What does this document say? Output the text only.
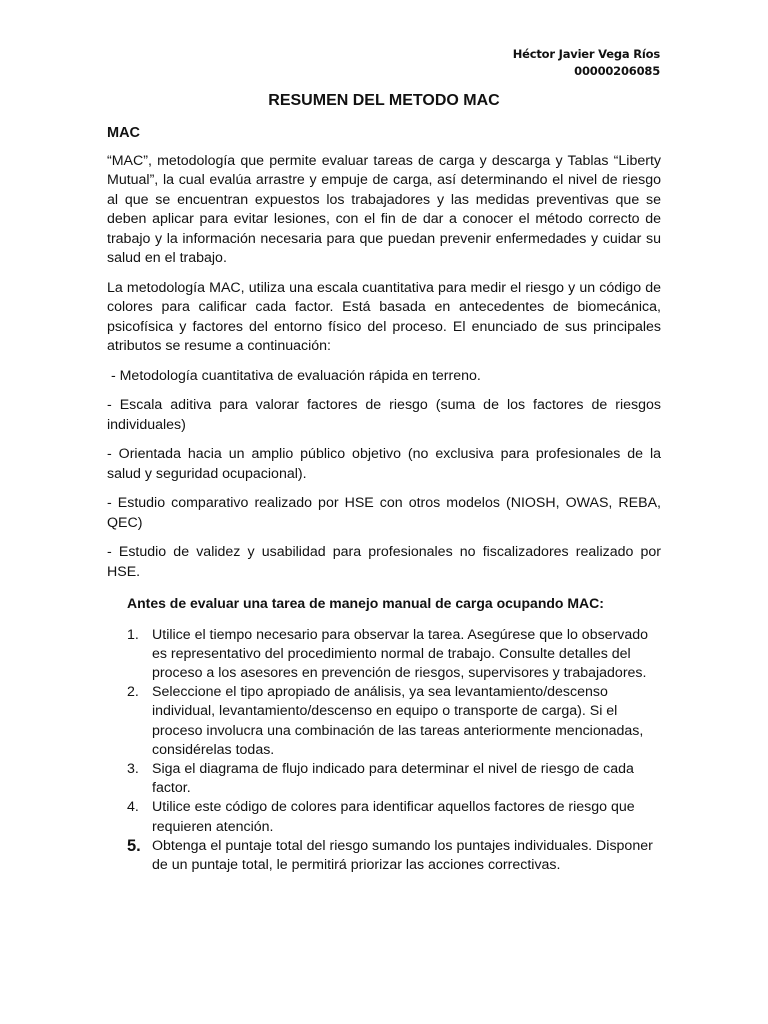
Héctor Javier Vega Ríos
00000206085
RESUMEN DEL METODO MAC
MAC

“MAC”, metodología que permite evaluar tareas de carga y descarga y Tablas “Liberty Mutual”, la cual evalúa arrastre y empuje de carga, así determinando el nivel de riesgo al que se encuentran expuestos los trabajadores y las medidas preventivas que se deben aplicar para evitar lesiones, con el fin de dar a conocer el método correcto de trabajo y la información necesaria para que puedan prevenir enfermedades y cuidar su salud en el trabajo.

La metodología MAC, utiliza una escala cuantitativa para medir el riesgo y un código de colores para calificar cada factor. Está basada en antecedentes de biomecánica, psicofísica y factores del entorno físico del proceso. El enunciado de sus principales atributos se resume a continuación:

- Metodología cuantitativa de evaluación rápida en terreno.

- Escala aditiva para valorar factores de riesgo (suma de los factores de riesgos individuales)

- Orientada hacia un amplio público objetivo (no exclusiva para profesionales de la salud y seguridad ocupacional).

- Estudio comparativo realizado por HSE con otros modelos (NIOSH, OWAS, REBA, QEC)

- Estudio de validez y usabilidad para profesionales no fiscalizadores realizado por HSE.

Antes de evaluar una tarea de manejo manual de carga ocupando MAC:
1. Utilice el tiempo necesario para observar la tarea. Asegúrese que lo observado es representativo del procedimiento normal de trabajo. Consulte detalles del proceso a los asesores en prevención de riesgos, supervisores y trabajadores.
2. Seleccione el tipo apropiado de análisis, ya sea levantamiento/descenso individual, levantamiento/descenso en equipo o transporte de carga). Si el proceso involucra una combinación de las tareas anteriormente mencionadas, considérelas todas.
3. Siga el diagrama de flujo indicado para determinar el nivel de riesgo de cada factor.
4. Utilice este código de colores para identificar aquellos factores de riesgo que requieren atención.
5. Obtenga el puntaje total del riesgo sumando los puntajes individuales. Disponer de un puntaje total, le permitirá priorizar las acciones correctivas.
